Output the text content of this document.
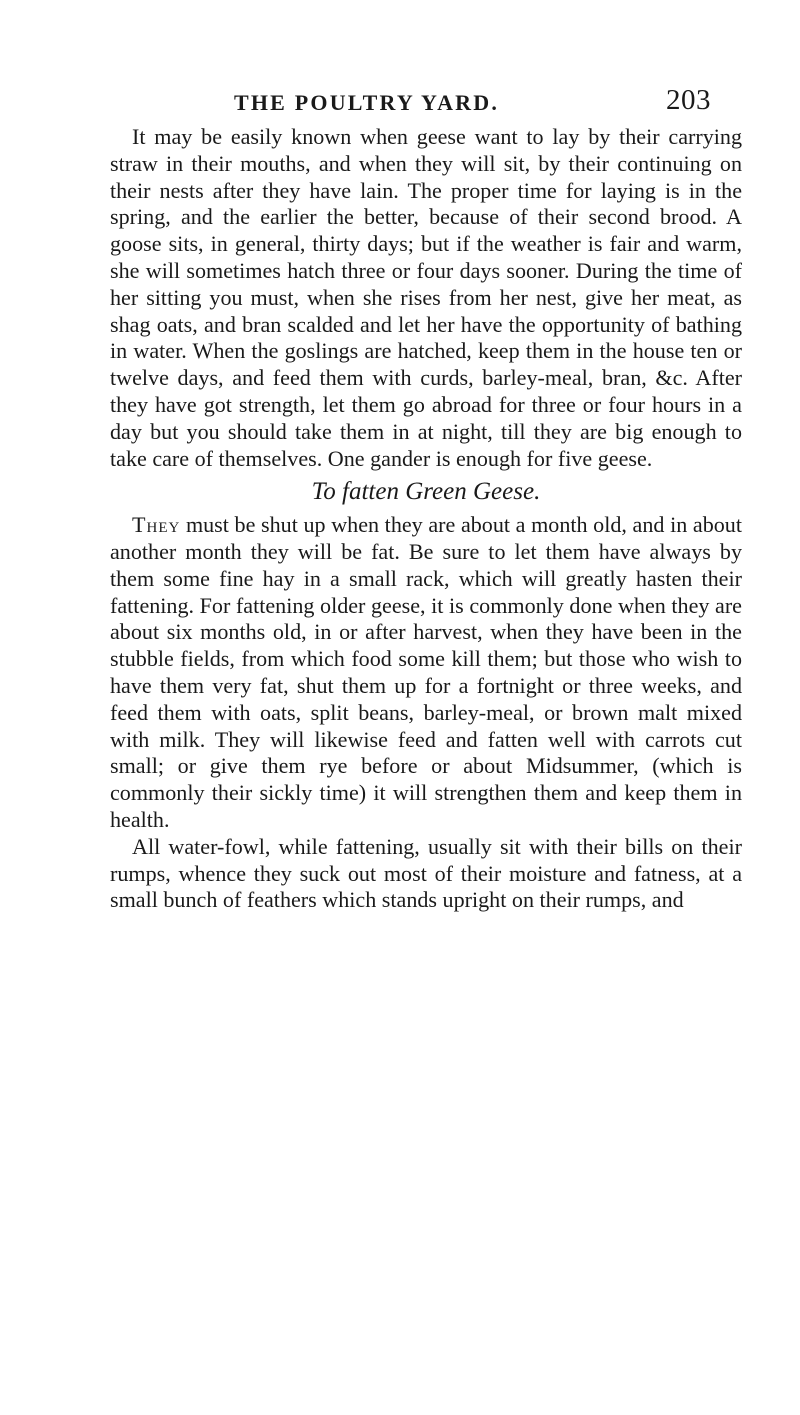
THE POULTRY YARD.	203

It may be easily known when geese want to lay by their carrying straw in their mouths, and when they will sit, by their continuing on their nests after they have lain. The proper time for laying is in the spring, and the earlier the better, because of their second brood. A goose sits, in general, thirty days; but if the weather is fair and warm, she will sometimes hatch three or four days sooner. During the time of her sitting you must, when she rises from her nest, give her meat, as shag oats, and bran scalded and let her have the opportunity of bathing in water. When the goslings are hatched, keep them in the house ten or twelve days, and feed them with curds, barley-meal, bran, &c. After they have got strength, let them go abroad for three or four hours in a day but you should take them in at night, till they are big enough to take care of themselves. One gander is enough for five geese.

To fatten Green Geese.

They must be shut up when they are about a month old, and in about another month they will be fat. Be sure to let them have always by them some fine hay in a small rack, which will greatly hasten their fattening. For fattening older geese, it is commonly done when they are about six months old, in or after harvest, when they have been in the stubble fields, from which food some kill them; but those who wish to have them very fat, shut them up for a fortnight or three weeks, and feed them with oats, split beans, barley-meal, or brown malt mixed with milk. They will likewise feed and fatten well with carrots cut small; or give them rye before or about Midsummer, (which is commonly their sickly time) it will strengthen them and keep them in health.

All water-fowl, while fattening, usually sit with their bills on their rumps, whence they suck out most of their moisture and fatness, at a small bunch of feathers which stands upright on their rumps, and
